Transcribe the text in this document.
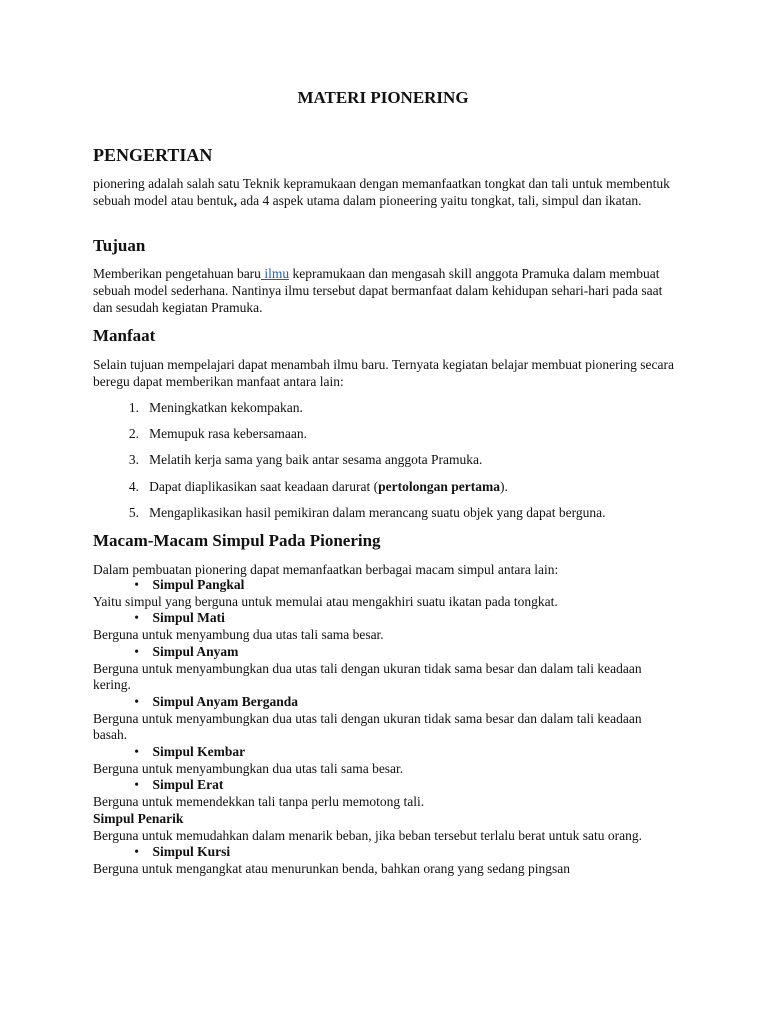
MATERI PIONERING
PENGERTIAN

pionering adalah salah satu Teknik kepramukaan dengan memanfaatkan tongkat dan tali untuk membentuk sebuah model atau bentuk, ada 4 aspek utama dalam pioneering yaitu tongkat, tali, simpul dan ikatan.

Tujuan

Memberikan pengetahuan baru ilmu kepramukaan dan mengasah skill anggota Pramuka dalam membuat sebuah model sederhana. Nantinya ilmu tersebut dapat bermanfaat dalam kehidupan sehari-hari pada saat dan sesudah kegiatan Pramuka.

Manfaat

Selain tujuan mempelajari dapat menambah ilmu baru. Ternyata kegiatan belajar membuat pionering secara beregu dapat memberikan manfaat antara lain:

1. Meningkatkan kekompakan.
2. Memupuk rasa kebersamaan.
3. Melatih kerja sama yang baik antar sesama anggota Pramuka.
4. Dapat diaplikasikan saat keadaan darurat (pertolongan pertama).
5. Mengaplikasikan hasil pemikiran dalam merancang suatu objek yang dapat berguna.
Macam-Macam Simpul Pada Pionering

Dalam pembuatan pionering dapat memanfaatkan berbagai macam simpul antara lain:

• Simpul Pangkal
Yaitu simpul yang berguna untuk memulai atau mengakhiri suatu ikatan pada tongkat.
• Simpul Mati
Berguna untuk menyambung dua utas tali sama besar.
• Simpul Anyam
Berguna untuk menyambungkan dua utas tali dengan ukuran tidak sama besar dan dalam tali keadaan kering.
• Simpul Anyam Berganda
Berguna untuk menyambungkan dua utas tali dengan ukuran tidak sama besar dan dalam tali keadaan basah.
• Simpul Kembar
Berguna untuk menyambungkan dua utas tali sama besar.
• Simpul Erat
Berguna untuk memendekkan tali tanpa perlu memotong tali.
Simpul Penarik
Berguna untuk memudahkan dalam menarik beban, jika beban tersebut terlalu berat untuk satu orang.
• Simpul Kursi
Berguna untuk mengangkat atau menurunkan benda, bahkan orang yang sedang pingsan
